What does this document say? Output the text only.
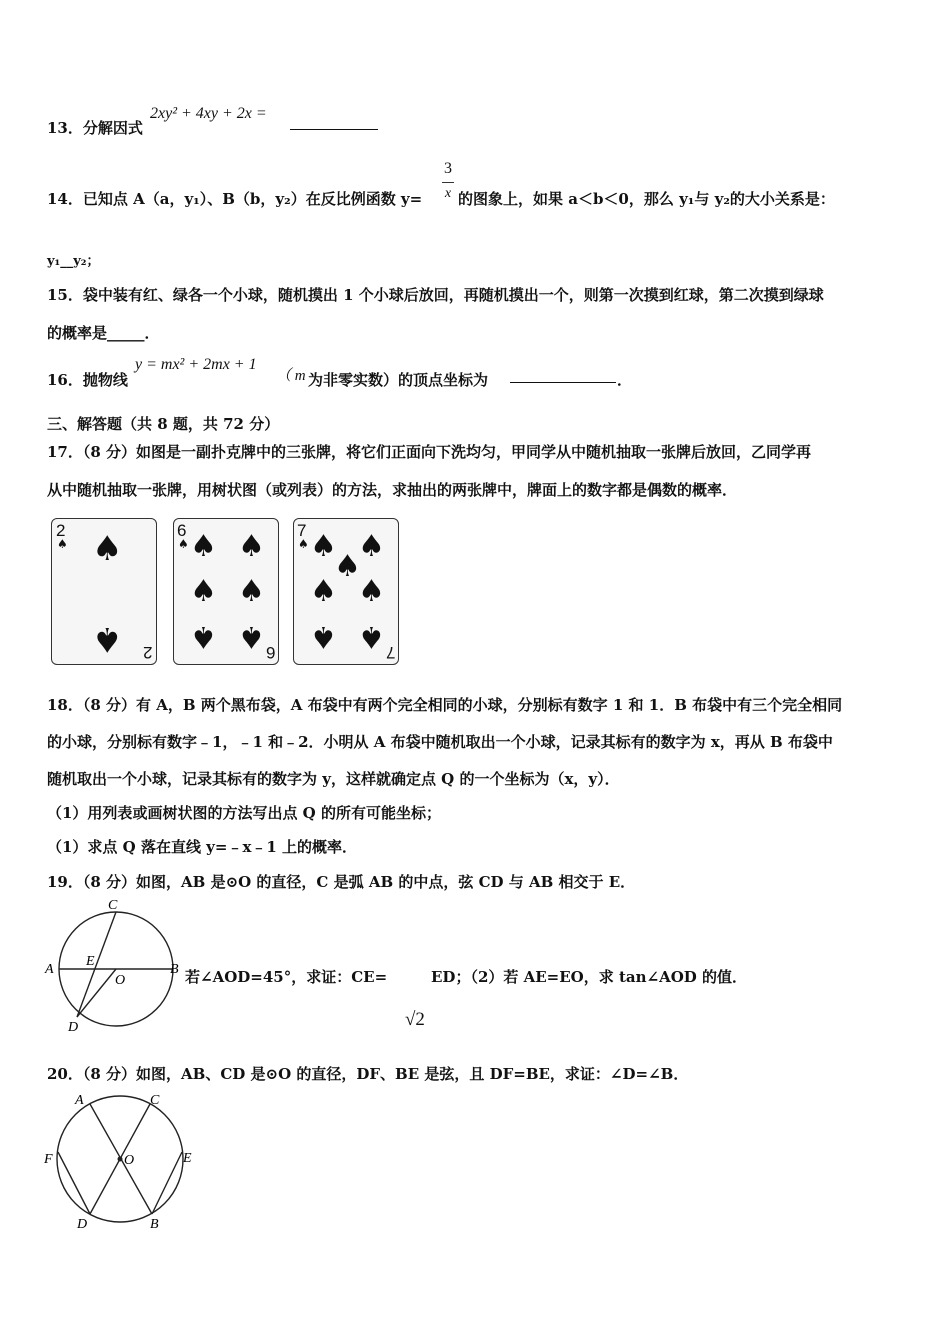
13．分解因式
2xy² + 4xy + 2x =
14．已知点 A（a，y₁）、B（b，y₂）在反比例函数 y=
3
x 的图象上，如果 a＜b＜0，那么 y₁与 y₂的大小关系是：
y₁__y₂；
15．袋中装有红、绿各一个小球，随机摸出 1 个小球后放回，再随机摸出一个，则第一次摸到红球，第二次摸到绿球
的概率是_____．
16．抛物线
y = mx² + 2mx + 1
（ m 为非零实数）的顶点坐标为	．
三、解答题（共 8 题，共 72 分）
17．（8 分）如图是一副扑克牌中的三张牌，将它们正面向下洗均匀，甲同学从中随机抽取一张牌后放回，乙同学再
从中随机抽取一张牌，用树状图（或列表）的方法，求抽出的两张牌中，牌面上的数字都是偶数的概率．
2
♠ ♠
♠ 2
6
♠ ♠ ♠
♠ ♠
♠ ♠ 6
7
♠ ♠ ♠
♠
♠ ♠
♠ ♠ 7
18．（8 分）有 A，B 两个黑布袋，A 布袋中有两个完全相同的小球，分别标有数字 1 和 1．B 布袋中有三个完全相同
的小球，分别标有数字﹣1，﹣1 和﹣2．小明从 A 布袋中随机取出一个小球，记录其标有的数字为 x，再从 B 布袋中
随机取出一个小球，记录其标有的数字为 y，这样就确定点 Q 的一个坐标为（x，y）．
（1）用列表或画树状图的方法写出点 Q 的所有可能坐标；
（1）求点 Q 落在直线 y=﹣x﹣1 上的概率．
19．（8 分）如图，AB 是⊙O 的直径，C 是弧 AB 的中点，弦 CD 与 AB 相交于 E．
C
A	B
E
O
D
若∠AOD=45°，求证：CE=	ED；（2）若 AE=EO，求 tan∠AOD 的值．
√2
20．（8 分）如图，AB、CD 是⊙O 的直径，DF、BE 是弦，且 DF=BE，求证：∠D=∠B．
A	C
F	E
O
D	B
